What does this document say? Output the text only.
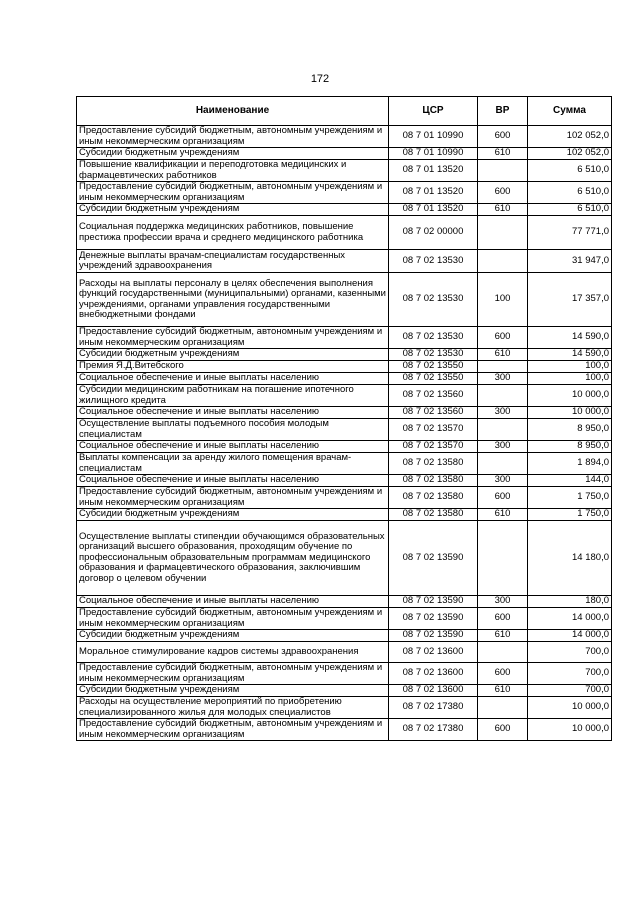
172
Наименование	ЦСР	ВР	Сумма
Предоставление субсидий бюджетным, автономным учреждениям и иным некоммерческим организациям	08 7 01 10990	600	102 052,0
Субсидии бюджетным учреждениям	08 7 01 10990	610	102 052,0
Повышение квалификации и переподготовка медицинских и фармацевтических работников	08 7 01 13520		6 510,0
Предоставление субсидий бюджетным, автономным учреждениям и иным некоммерческим организациям	08 7 01 13520	600	6 510,0
Субсидии бюджетным учреждениям	08 7 01 13520	610	6 510,0
Социальная поддержка медицинских работников, повышение престижа профессии врача и среднего медицинского работника	08 7 02 00000		77 771,0
Денежные выплаты врачам-специалистам государственных учреждений здравоохранения	08 7 02 13530		31 947,0
Расходы на выплаты персоналу в целях обеспечения выполнения функций государственными (муниципальными) органами, казенными учреждениями, органами управления государственными внебюджетными фондами	08 7 02 13530	100	17 357,0
Предоставление субсидий бюджетным, автономным учреждениям и иным некоммерческим организациям	08 7 02 13530	600	14 590,0
Субсидии бюджетным учреждениям	08 7 02 13530	610	14 590,0
Премия Я.Д.Витебского	08 7 02 13550		100,0
Социальное обеспечение и иные выплаты населению	08 7 02 13550	300	100,0
Субсидии медицинским работникам на погашение ипотечного жилищного кредита	08 7 02 13560		10 000,0
Социальное обеспечение и иные выплаты населению	08 7 02 13560	300	10 000,0
Осуществление выплаты подъемного пособия молодым специалистам	08 7 02 13570		8 950,0
Социальное обеспечение и иные выплаты населению	08 7 02 13570	300	8 950,0
Выплаты компенсации за аренду жилого помещения врачам-специалистам	08 7 02 13580		1 894,0
Социальное обеспечение и иные выплаты населению	08 7 02 13580	300	144,0
Предоставление субсидий бюджетным, автономным учреждениям и иным некоммерческим организациям	08 7 02 13580	600	1 750,0
Субсидии бюджетным учреждениям	08 7 02 13580	610	1 750,0
Осуществление выплаты стипендии обучающимся образовательных организаций высшего образования, проходящим обучение по профессиональным образовательным программам медицинского образования и фармацевтического образования, заключившим договор о целевом обучении	08 7 02 13590		14 180,0
Социальное обеспечение и иные выплаты населению	08 7 02 13590	300	180,0
Предоставление субсидий бюджетным, автономным учреждениям и иным некоммерческим организациям	08 7 02 13590	600	14 000,0
Субсидии бюджетным учреждениям	08 7 02 13590	610	14 000,0
Моральное стимулирование кадров системы здравоохранения	08 7 02 13600		700,0
Предоставление субсидий бюджетным, автономным учреждениям и иным некоммерческим организациям	08 7 02 13600	600	700,0
Субсидии бюджетным учреждениям	08 7 02 13600	610	700,0
Расходы на осуществление мероприятий по приобретению специализированного жилья для молодых специалистов	08 7 02 17380		10 000,0
Предоставление субсидий бюджетным, автономным учреждениям и иным некоммерческим организациям	08 7 02 17380	600	10 000,0
